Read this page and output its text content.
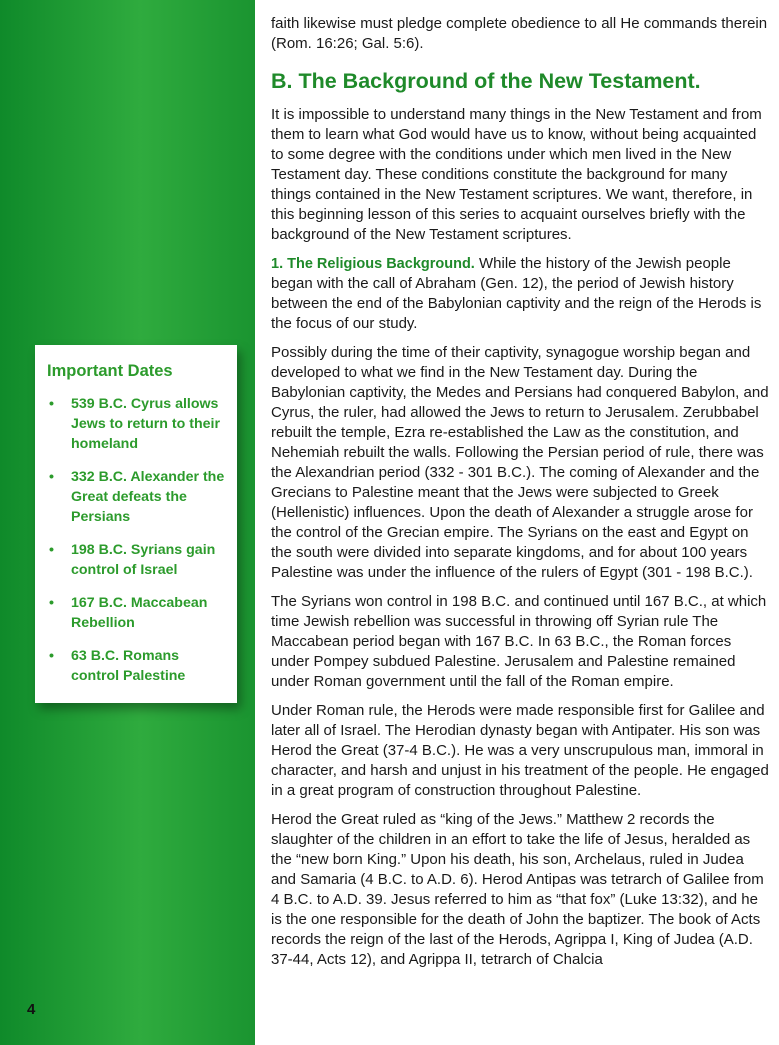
Important Dates
• 539 B.C. Cyrus allows Jews to return to their homeland
• 332 B.C. Alexander the Great defeats the Persians
• 198 B.C. Syrians gain control of Israel
• 167 B.C. Maccabean Rebellion
• 63 B.C. Romans control Palestine
4

faith likewise must pledge complete obedience to all He commands therein (Rom. 16:26; Gal. 5:6).

B. The Background of the New Testament.

It is impossible to understand many things in the New Testament and from them to learn what God would have us to know, without being acquainted to some degree with the conditions under which men lived in the New Testament day. These conditions constitute the background for many things contained in the New Testament scriptures. We want, therefore, in this beginning lesson of this series to acquaint ourselves briefly with the background of the New Testament scriptures.

1. The Religious Background. While the history of the Jewish people began with the call of Abraham (Gen. 12), the period of Jewish history between the end of the Babylonian captivity and the reign of the Herods is the focus of our study.

Possibly during the time of their captivity, synagogue worship began and developed to what we find in the New Testament day. During the Babylonian captivity, the Medes and Persians had conquered Babylon, and Cyrus, the ruler, had allowed the Jews to return to Jerusalem. Zerubbabel rebuilt the temple, Ezra re-established the Law as the constitution, and Nehemiah rebuilt the walls. Following the Persian period of rule, there was the Alexandrian period (332 - 301 B.C.). The coming of Alexander and the Grecians to Palestine meant that the Jews were subjected to Greek (Hellenistic) influences. Upon the death of Alexander a struggle arose for the control of the Grecian empire. The Syrians on the east and Egypt on the south were divided into separate kingdoms, and for about 100 years Palestine was under the influence of the rulers of Egypt (301 - 198 B.C.).

The Syrians won control in 198 B.C. and continued until 167 B.C., at which time Jewish rebellion was successful in throwing off Syrian rule The Maccabean period began with 167 B.C. In 63 B.C., the Roman forces under Pompey subdued Palestine. Jerusalem and Palestine remained under Roman government until the fall of the Roman empire.

Under Roman rule, the Herods were made responsible first for Galilee and later all of Israel. The Herodian dynasty began with Antipater. His son was Herod the Great (37-4 B.C.). He was a very unscrupulous man, immoral in character, and harsh and unjust in his treatment of the people. He engaged in a great program of construction throughout Palestine.

Herod the Great ruled as “king of the Jews.” Matthew 2 records the slaughter of the children in an effort to take the life of Jesus, heralded as the “new born King.” Upon his death, his son, Archelaus, ruled in Judea and Samaria (4 B.C. to A.D. 6). Herod Antipas was tetrarch of Galilee from 4 B.C. to A.D. 39. Jesus referred to him as “that fox” (Luke 13:32), and he is the one responsible for the death of John the baptizer. The book of Acts records the reign of the last of the Herods, Agrippa I, King of Judea (A.D. 37-44, Acts 12), and Agrippa II, tetrarch of Chalcia
